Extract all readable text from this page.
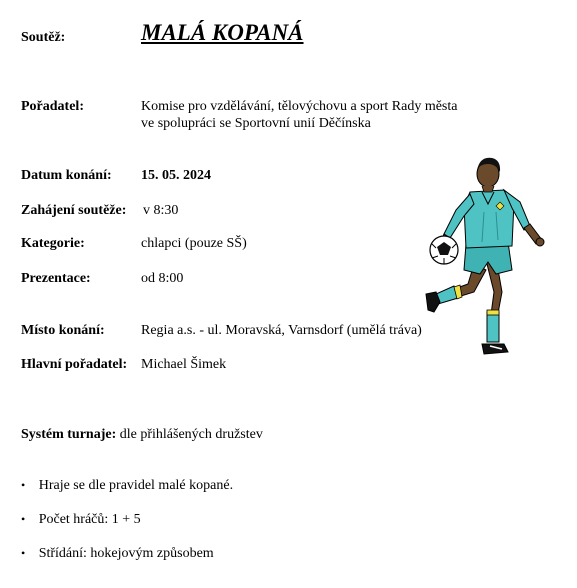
Soutěž:	MALÁ KOPANÁ
Pořadatel:	Komise pro vzdělávání, tělovýchovu a sport Rady města
ve spolupráci se Sportovní unií Děčínska
Datum konání: 15. 05. 2024
Zahájení soutěže: v 8:30
Kategorie:	chlapci (pouze SŠ)
Prezentace:	od 8:00
Místo konání:	Regia a.s. - ul. Moravská, Varnsdorf (umělá tráva)
Hlavní pořadatel: Michael Šimek
Systém turnaje: dle přihlášených družstev
• Hraje se dle pravidel malé kopané.
• Počet hráčů: 1 + 5
• Střídání: hokejovým způsobem
